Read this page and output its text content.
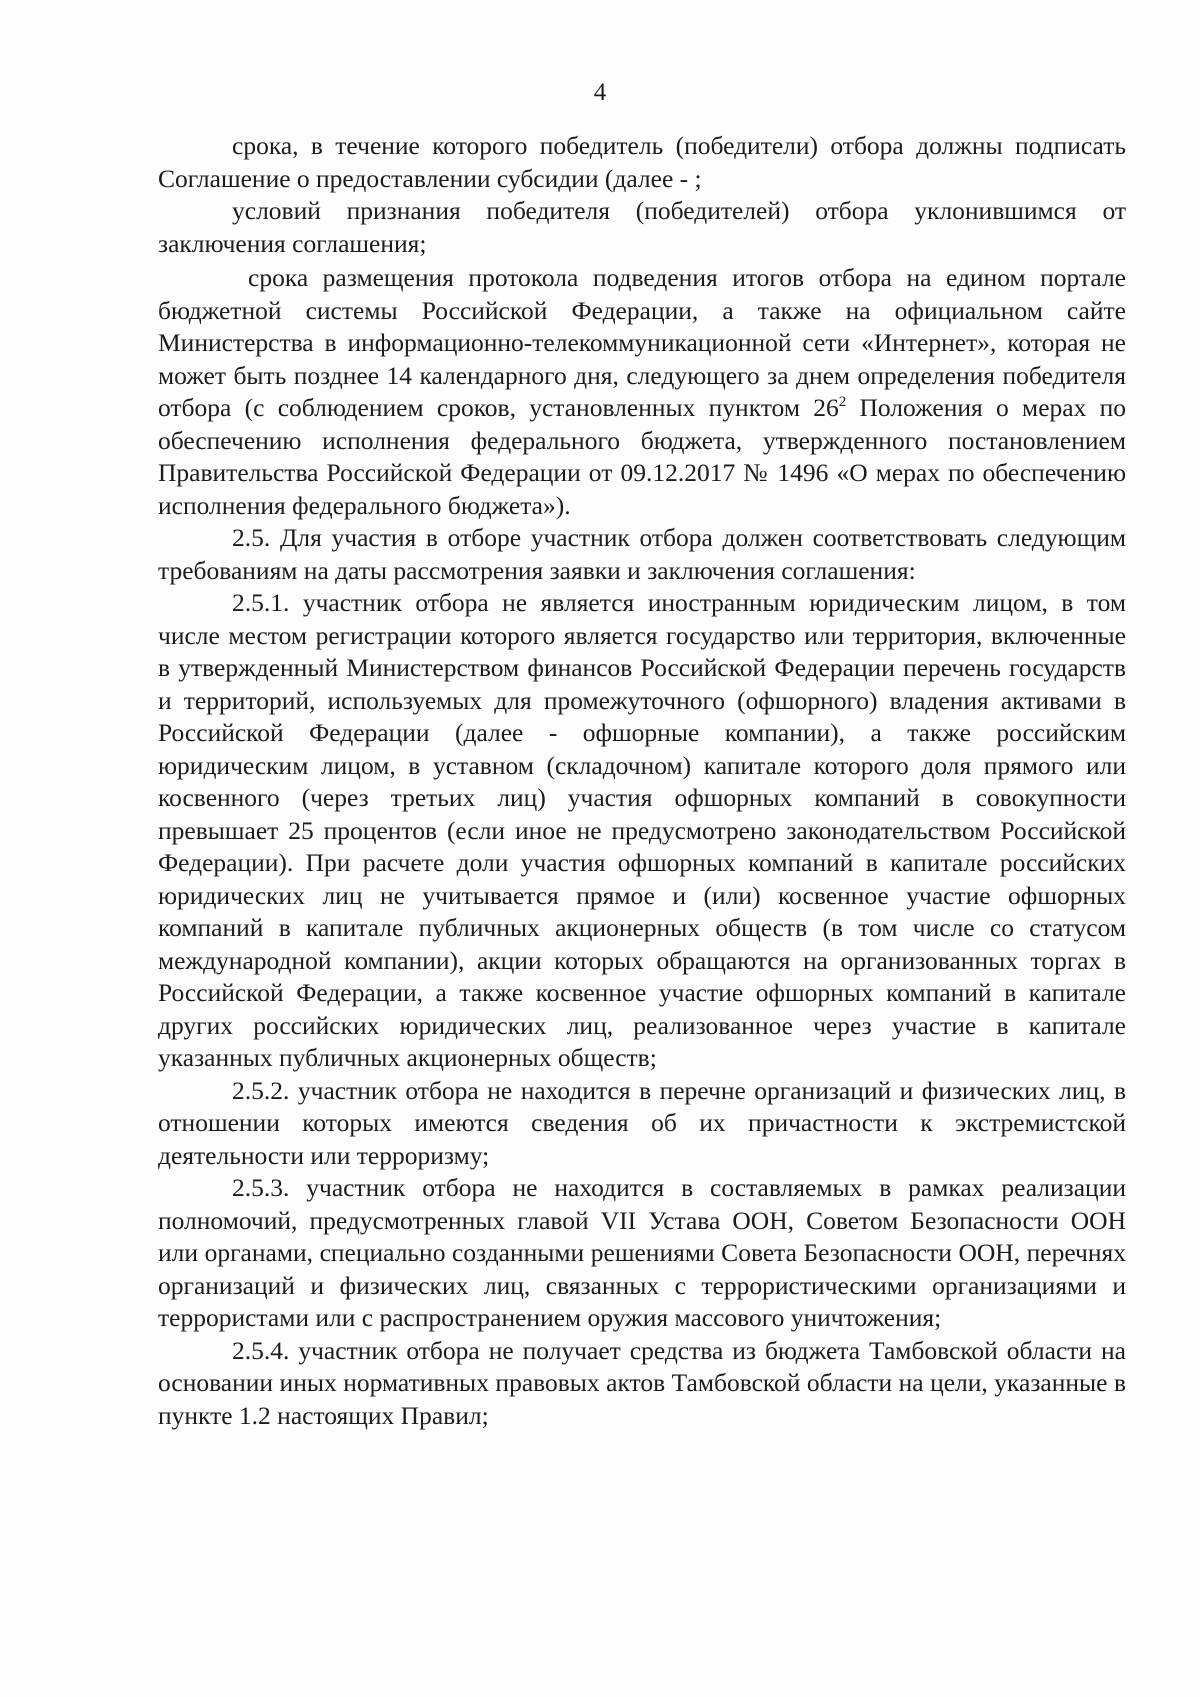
4

срока, в течение которого победитель (победители) отбора должны подписать Соглашение о предоставлении субсидии (далее - ;

условий признания победителя (победителей) отбора уклонившимся от заключения соглашения;

срока размещения протокола подведения итогов отбора на едином портале бюджетной системы Российской Федерации, а также на официальном сайте Министерства в информационно-телекоммуникационной сети «Интернет», которая не может быть позднее 14 календарного дня, следующего за днем определения победителя отбора (с соблюдением сроков, установленных пунктом $26^2$ Положения о мерах по обеспечению исполнения федерального бюджета, утвержденного постановлением Правительства Российской Федерации от 09.12.2017 № 1496 «О мерах по обеспечению исполнения федерального бюджета»).

2.5. Для участия в отборе участник отбора должен соответствовать следующим требованиям на даты рассмотрения заявки и заключения соглашения:

2.5.1. участник отбора не является иностранным юридическим лицом, в том числе местом регистрации которого является государство или территория, включенные в утвержденный Министерством финансов Российской Федерации перечень государств и территорий, используемых для промежуточного (офшорного) владения активами в Российской Федерации (далее - офшорные компании), а также российским юридическим лицом, в уставном (складочном) капитале которого доля прямого или косвенного (через третьих лиц) участия офшорных компаний в совокупности превышает 25 процентов (если иное не предусмотрено законодательством Российской Федерации). При расчете доли участия офшорных компаний в капитале российских юридических лиц не учитывается прямое и (или) косвенное участие офшорных компаний в капитале публичных акционерных обществ (в том числе со статусом международной компании), акции которых обращаются на организованных торгах в Российской Федерации, а также косвенное участие офшорных компаний в капитале других российских юридических лиц, реализованное через участие в капитале указанных публичных акционерных обществ;

2.5.2. участник отбора не находится в перечне организаций и физических лиц, в отношении которых имеются сведения об их причастности к экстремистской деятельности или терроризму;

2.5.3. участник отбора не находится в составляемых в рамках реализации полномочий, предусмотренных главой VII Устава ООН, Советом Безопасности ООН или органами, специально созданными решениями Совета Безопасности ООН, перечнях организаций и физических лиц, связанных с террористическими организациями и террористами или с распространением оружия массового уничтожения;

2.5.4. участник отбора не получает средства из бюджета Тамбовской области на основании иных нормативных правовых актов Тамбовской области на цели, указанные в пункте 1.2 настоящих Правил;
